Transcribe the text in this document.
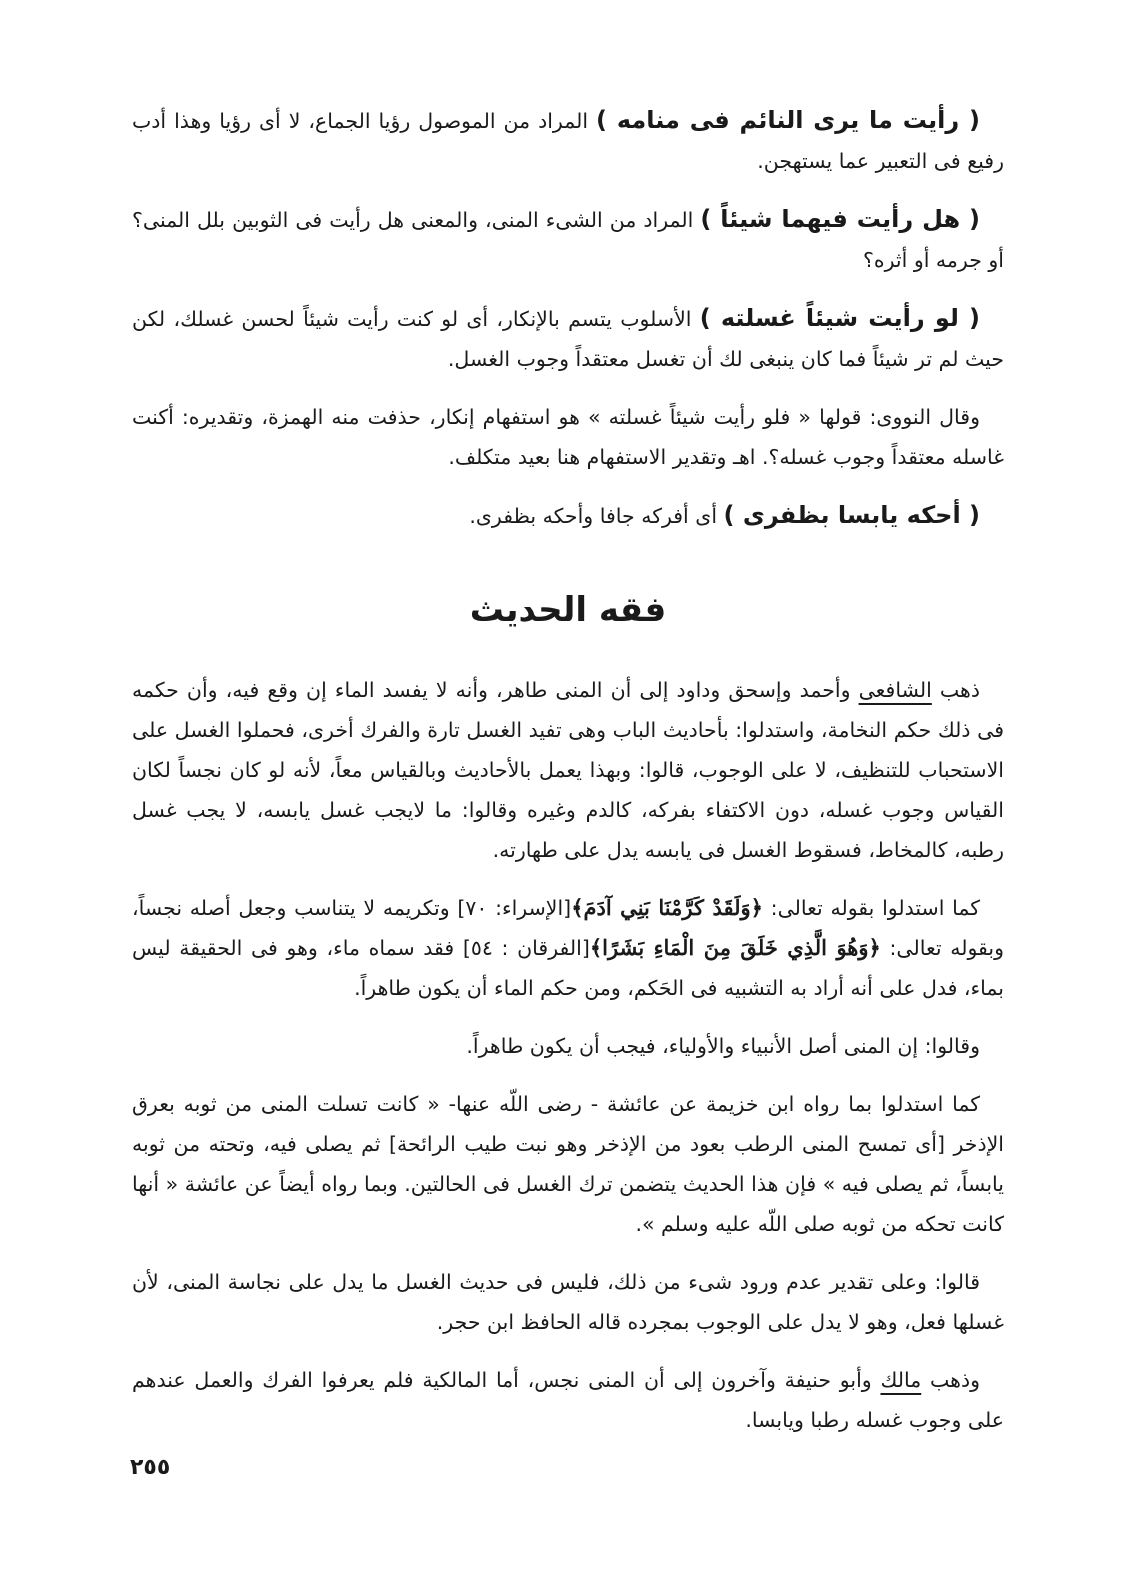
( رأيت ما يرى النائم فى منامه ) المراد من الموصول رؤيا الجماع، لا أى رؤيا وهذا أدب رفيع فى التعبير عما يستهجن.

( هل رأيت فيهما شيئاً ) المراد من الشىء المنى، والمعنى هل رأيت فى الثوبين بلل المنى؟ أو جرمه أو أثره؟

( لو رأيت شيئاً غسلته ) الأسلوب يتسم بالإنكار، أى لو كنت رأيت شيئاً لحسن غسلك، لكن حيث لم تر شيئاً فما كان ينبغى لك أن تغسل معتقداً وجوب الغسل.

وقال النووى: قولها « فلو رأيت شيئاً غسلته » هو استفهام إنكار، حذفت منه الهمزة، وتقديره: أكنت غاسله معتقداً وجوب غسله؟. اهـ وتقدير الاستفهام هنا بعيد متكلف.

( أحكه يابسا بظفرى ) أى أفركه جافا وأحكه بظفرى.

فقه الحديث

ذهب الشافعى وأحمد وإسحق وداود إلى أن المنى طاهر، وأنه لا يفسد الماء إن وقع فيه، وأن حكمه فى ذلك حكم النخامة، واستدلوا: بأحاديث الباب وهى تفيد الغسل تارة والفرك أخرى، فحملوا الغسل على الاستحباب للتنظيف، لا على الوجوب، قالوا: وبهذا يعمل بالأحاديث وبالقياس معاً، لأنه لو كان نجساً لكان القياس وجوب غسله، دون الاكتفاء بفركه، كالدم وغيره وقالوا: ما لايجب غسل يابسه، لا يجب غسل رطبه، كالمخاط، فسقوط الغسل فى يابسه يدل على طهارته.

كما استدلوا بقوله تعالى: ﴿وَلَقَدْ كَرَّمْنَا بَنِي آدَمَ﴾[الإسراء: ٧٠] وتكريمه لا يتناسب وجعل أصله نجساً، وبقوله تعالى: ﴿وَهُوَ الَّذِي خَلَقَ مِنَ الْمَاءِ بَشَرًا﴾[الفرقان : ٥٤] فقد سماه ماء، وهو فى الحقيقة ليس بماء، فدل على أنه أراد به التشبيه فى الحَكم، ومن حكم الماء أن يكون طاهراً.

وقالوا: إن المنى أصل الأنبياء والأولياء، فيجب أن يكون طاهراً.

كما استدلوا بما رواه ابن خزيمة عن عائشة - رضى اللّه عنها- « كانت تسلت المنى من ثوبه بعرق الإذخر [أى تمسح المنى الرطب بعود من الإذخر وهو نبت طيب الرائحة] ثم يصلى فيه، وتحته من ثوبه يابساً، ثم يصلى فيه » فإن هذا الحديث يتضمن ترك الغسل فى الحالتين. وبما رواه أيضاً عن عائشة « أنها كانت تحكه من ثوبه صلى اللّه عليه وسلم ».

قالوا: وعلى تقدير عدم ورود شىء من ذلك، فليس فى حديث الغسل ما يدل على نجاسة المنى، لأن غسلها فعل، وهو لا يدل على الوجوب بمجرده قاله الحافظ ابن حجر.

وذهب مالك وأبو حنيفة وآخرون إلى أن المنى نجس، أما المالكية فلم يعرفوا الفرك والعمل عندهم على وجوب غسله رطبا ويابسا.

٢٥٥
